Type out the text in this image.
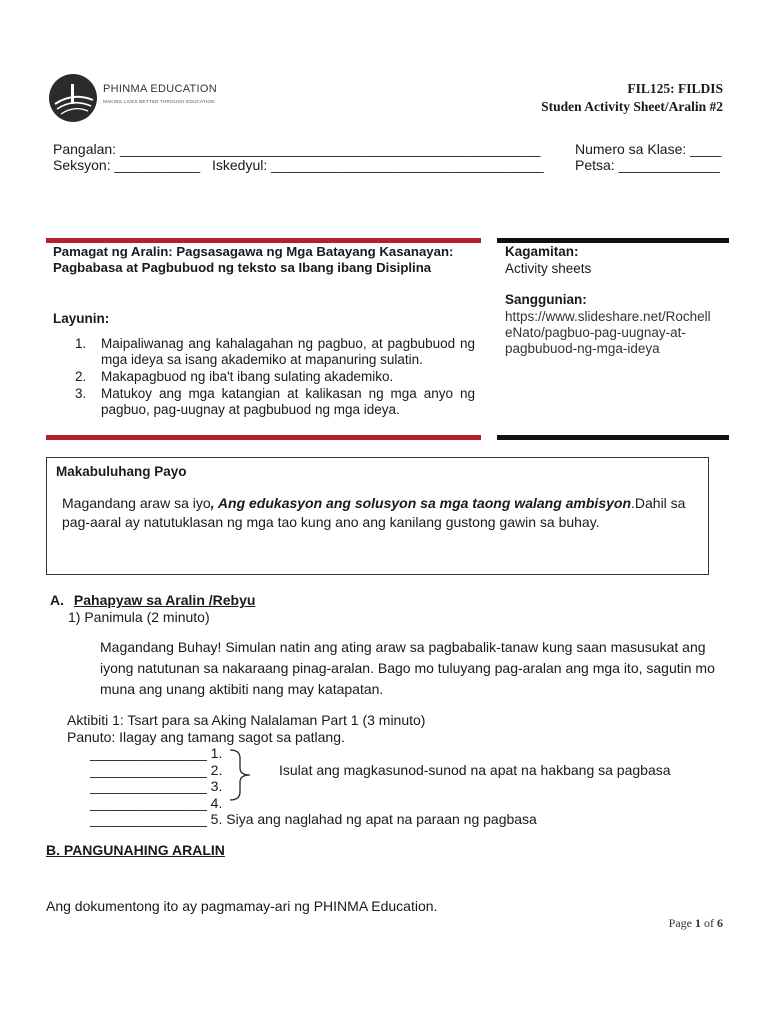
PHINMA EDUCATION
MAKING LIVES BETTER THROUGH EDUCATION
FIL125: FILDIS
Studen Activity Sheet/Aralin #2
Pangalan: ______________________________________________________ Numero sa Klase: ____
Seksyon: ___________ Iskedyul: ___________________________________ Petsa: _____________
Pamagat ng Aralin: Pagsasagawa ng Mga Batayang Kasanayan:
Pagbabasa at Pagbubuod ng teksto sa Ibang ibang Disiplina
Layunin:
1.	Maipaliwanag ang kahalagahan ng pagbuo, at pagbubuod ng mga ideya sa isang akademiko at mapanuring sulatin.
2.	Makapagbuod ng iba't ibang sulating akademiko.
3.	Matukoy ang mga katangian at kalikasan ng mga anyo ng pagbuo, pag-uugnay at pagbubuod ng mga ideya.
Kagamitan:
Activity sheets
Sanggunian:
https://www.slideshare.net/Rochell
eNato/pagbuo-pag-uugnay-at-
pagbubuod-ng-mga-ideya
Makabuluhang Payo
Magandang araw sa iyo, Ang edukasyon ang solusyon sa mga taong walang ambisyon.Dahil sa pag-aaral ay natutuklasan ng mga tao kung ano ang kanilang gustong gawin sa buhay.
A. Pahapyaw sa Aralin /Rebyu
1) Panimula (2 minuto)
Magandang Buhay! Simulan natin ang ating araw sa pagbabalik-tanaw kung saan masusukat ang iyong natutunan sa nakaraang pinag-aralan. Bago mo tuluyang pag-aralan ang mga ito, sagutin mo muna ang unang aktibiti nang may katapatan.
Aktibiti 1: Tsart para sa Aking Nalalaman Part 1 (3 minuto)
Panuto: Ilagay ang tamang sagot sa patlang.
_______________ 1.
_______________ 2.
_______________ 3.
_______________ 4.
_______________ 5. Siya ang naglahad ng apat na paraan ng pagbasa
Isulat ang magkasunod-sunod na apat na hakbang sa pagbasa
B. PANGUNAHING ARALIN
Ang dokumentong ito ay pagmamay-ari ng PHINMA Education.
Page 1 of 6
